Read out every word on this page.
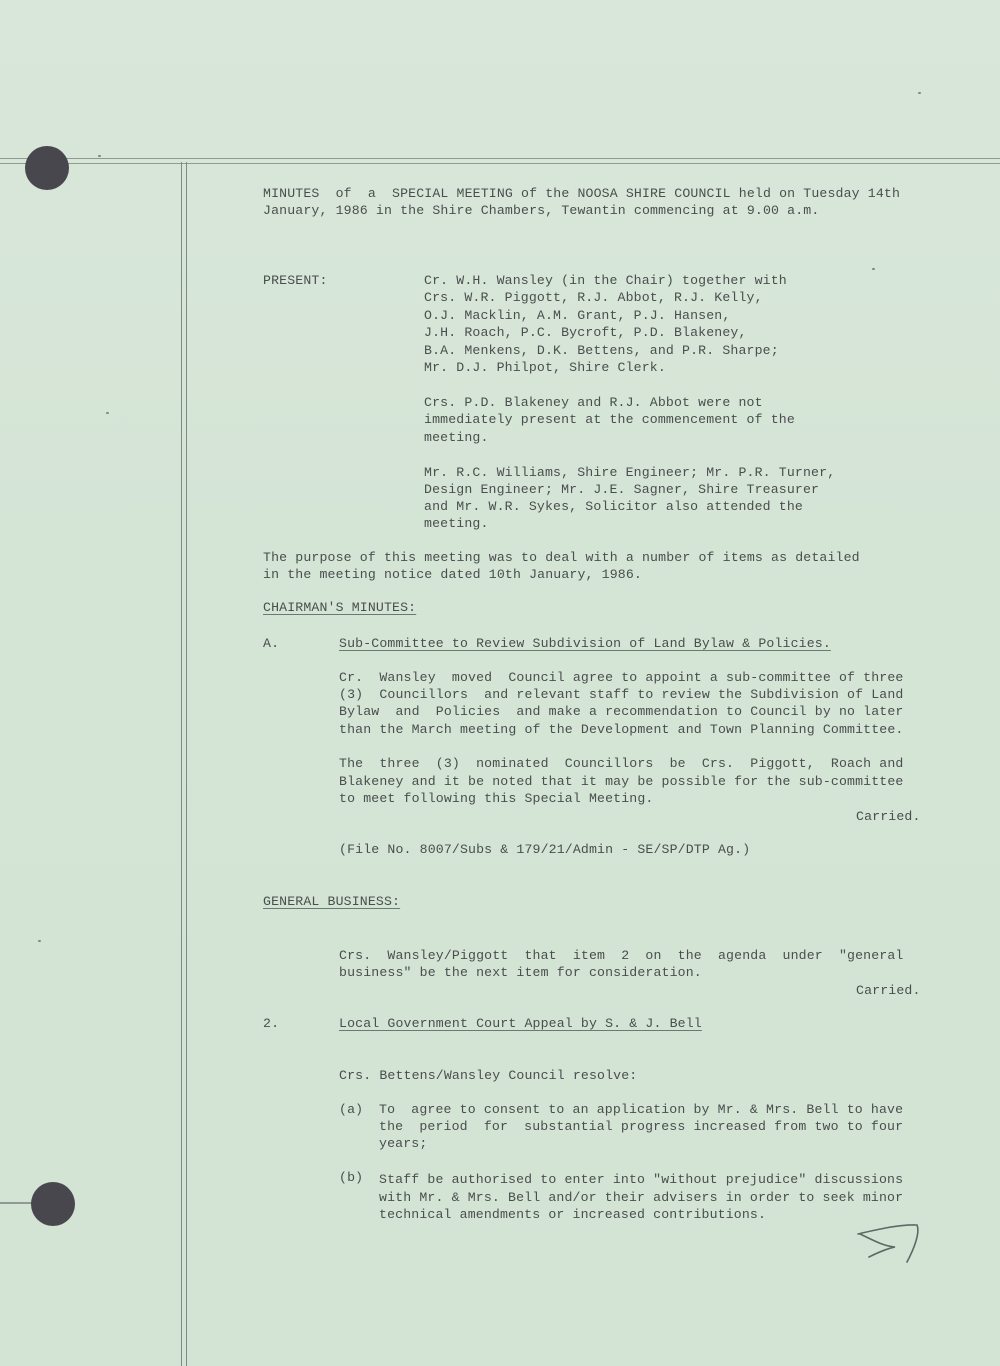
MINUTES  of  a  SPECIAL MEETING of the NOOSA SHIRE COUNCIL held on Tuesday 14th
January, 1986 in the Shire Chambers, Tewantin commencing at 9.00 a.m.
PRESENT:	Cr. W.H. Wansley (in the Chair) together with
Crs. W.R. Piggott, R.J. Abbot, R.J. Kelly,
O.J. Macklin, A.M. Grant, P.J. Hansen,
J.H. Roach, P.C. Bycroft, P.D. Blakeney,
B.A. Menkens, D.K. Bettens, and P.R. Sharpe;
Mr. D.J. Philpot, Shire Clerk.
Crs. P.D. Blakeney and R.J. Abbot were not
immediately present at the commencement of the
meeting.
Mr. R.C. Williams, Shire Engineer; Mr. P.R. Turner,
Design Engineer; Mr. J.E. Sagner, Shire Treasurer
and Mr. W.R. Sykes, Solicitor also attended the
meeting.
The purpose of this meeting was to deal with a number of items as detailed
in the meeting notice dated 10th January, 1986.
CHAIRMAN'S MINUTES:
A.	Sub-Committee to Review Subdivision of Land Bylaw & Policies.
Cr.  Wansley  moved  Council agree to appoint a sub-committee of three
(3)  Councillors  and relevant staff to review the Subdivision of Land
Bylaw  and  Policies  and make a recommendation to Council by no later
than the March meeting of the Development and Town Planning Committee.
The  three  (3)  nominated  Councillors  be  Crs.  Piggott,  Roach and
Blakeney and it be noted that it may be possible for the sub-committee
to meet following this Special Meeting.
Carried.
(File No. 8007/Subs & 179/21/Admin - SE/SP/DTP Ag.)
GENERAL BUSINESS:
Crs.  Wansley/Piggott  that  item  2  on  the  agenda  under  "general
business" be the next item for consideration.
Carried.
2.	Local Government Court Appeal by S. & J. Bell
Crs. Bettens/Wansley Council resolve:
(a) To  agree to consent to an application by Mr. & Mrs. Bell to have
the  period  for  substantial progress increased from two to four
years;
(b) Staff be authorised to enter into "without prejudice" discussions
with Mr. & Mrs. Bell and/or their advisers in order to seek minor
technical amendments or increased contributions.
